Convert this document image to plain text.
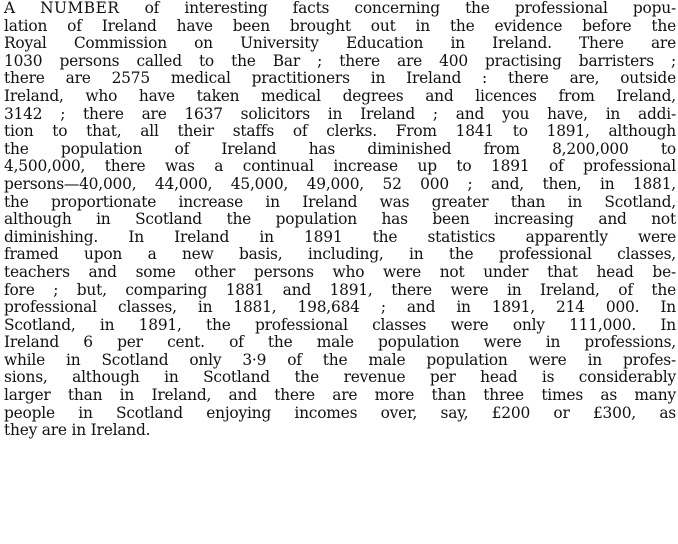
A NUMBER of interesting facts concerning the professional popu-
lation of Ireland have been brought out in the evidence before the
Royal Commission on University Education in Ireland. There are
1030 persons called to the Bar ; there are 400 practising barristers ;
there are 2575 medical practitioners in Ireland : there are, outside
Ireland, who have taken medical degrees and licences from Ireland,
3142 ; there are 1637 solicitors in Ireland ; and you have, in addi-
tion to that, all their staffs of clerks. From 1841 to 1891, although
the population of Ireland has diminished from 8,200,000 to
4,500,000, there was a continual increase up to 1891 of professional
persons—40,000, 44,000, 45,000, 49,000, 52 000 ; and, then, in 1881,
the proportionate increase in Ireland was greater than in Scotland,
although in Scotland the population has been increasing and not
diminishing. In Ireland in 1891 the statistics apparently were
framed upon a new basis, including, in the professional classes,
teachers and some other persons who were not under that head be-
fore ; but, comparing 1881 and 1891, there were in Ireland, of the
professional classes, in 1881, 198,684 ; and in 1891, 214 000. In
Scotland, in 1891, the professional classes were only 111,000. In
Ireland 6 per cent. of the male population were in professions,
while in Scotland only 3·9 of the male population were in profes-
sions, although in Scotland the revenue per head is considerably
larger than in Ireland, and there are more than three times as many
people in Scotland enjoying incomes over, say, £200 or £300, as
they are in Ireland.
